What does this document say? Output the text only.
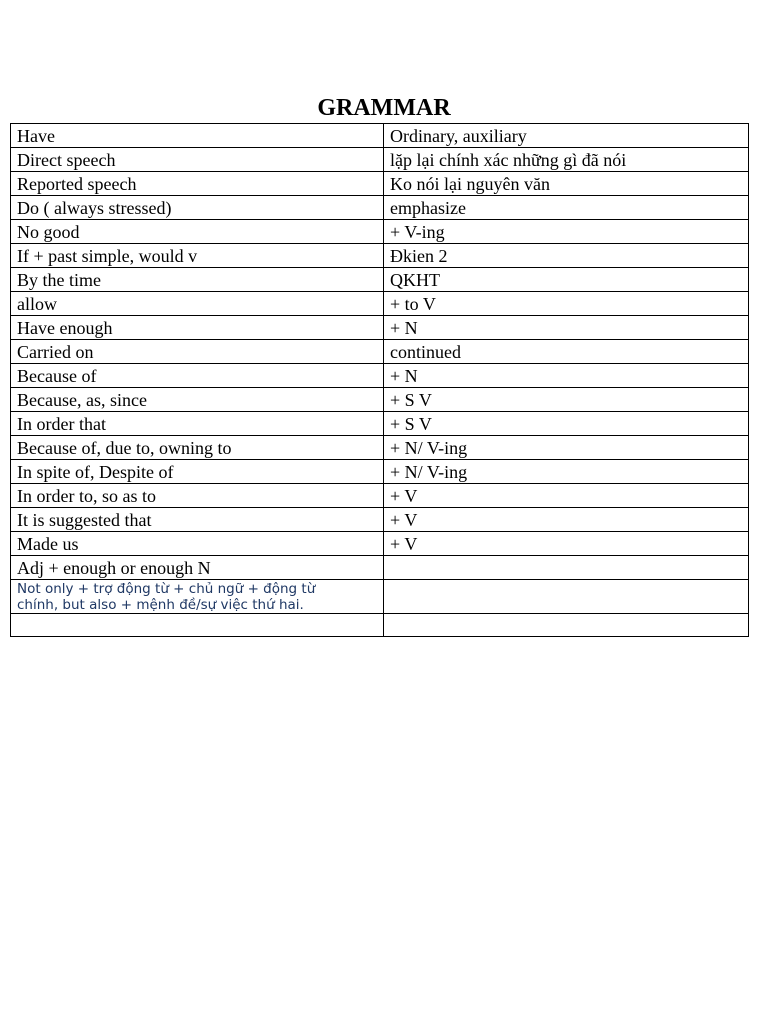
GRAMMAR
Have	Ordinary, auxiliary
Direct speech	lặp lại chính xác những gì đã nói
Reported speech	Ko nói lại nguyên văn
Do ( always stressed)	emphasize
No good	+ V-ing
If + past simple, would v	Đkien 2
By the time	QKHT
allow	+ to V
Have enough	+ N
Carried on	continued
Because of	+ N
Because, as, since	+ S V
In order that	+ S V
Because of, due to, owning to	+ N/ V-ing
In spite of, Despite of	+ N/ V-ing
In order to, so as to	+ V
It is suggested that	+ V
Made us	+ V
Adj + enough or enough N	

Not only + trợ động từ + chủ ngữ + động từ chính, but also + mệnh đề/sự việc thứ hai.	
